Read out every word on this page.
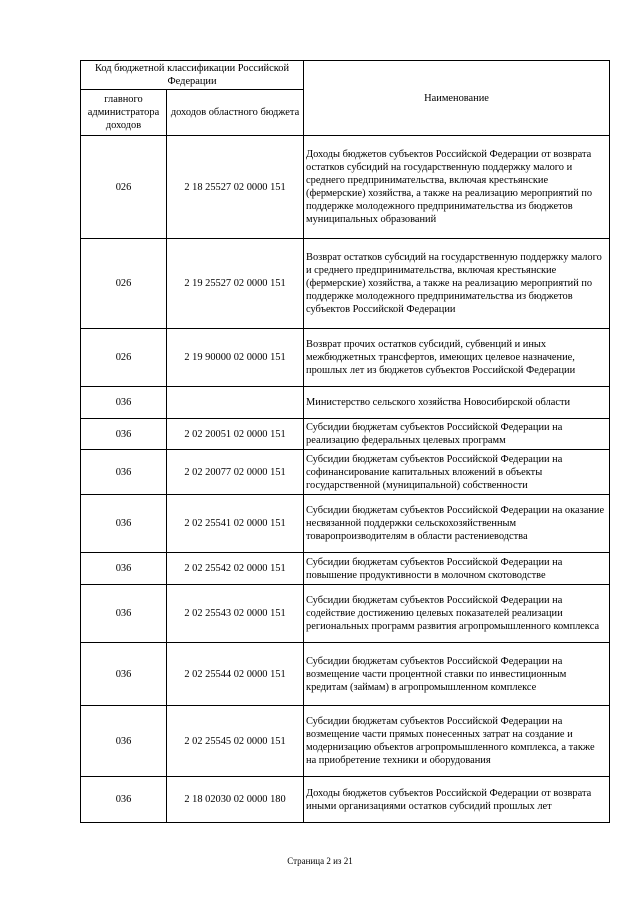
Код бюджетной классификации Российской Федерации		Наименование
главного администратора доходов	доходов областного бюджета	
026	2 18 25527 02 0000 151	Доходы бюджетов субъектов Российской Федерации от возврата остатков субсидий на государственную поддержку малого и среднего предпринимательства, включая крестьянские (фермерские) хозяйства, а также на реализацию мероприятий по поддержке молодежного предпринимательства из бюджетов муниципальных образований
026	2 19 25527 02 0000 151	Возврат остатков субсидий на государственную поддержку малого и среднего предпринимательства, включая крестьянские (фермерские) хозяйства, а также на реализацию мероприятий по поддержке молодежного предпринимательства из бюджетов субъектов Российской Федерации
026	2 19 90000 02 0000 151	Возврат прочих остатков субсидий, субвенций и иных межбюджетных трансфертов, имеющих целевое назначение, прошлых лет из бюджетов субъектов Российской Федерации
036		Министерство сельского хозяйства Новосибирской области
036	2 02 20051 02 0000 151	Субсидии бюджетам субъектов Российской Федерации на реализацию федеральных целевых программ
036	2 02 20077 02 0000 151	Субсидии бюджетам субъектов Российской Федерации на софинансирование капитальных вложений в объекты государственной (муниципальной) собственности
036	2 02 25541 02 0000 151	Субсидии бюджетам субъектов Российской Федерации на оказание несвязанной поддержки сельскохозяйственным товаропроизводителям в области растениеводства
036	2 02 25542 02 0000 151	Субсидии бюджетам субъектов Российской Федерации на повышение продуктивности в молочном скотоводстве
036	2 02 25543 02 0000 151	Субсидии бюджетам субъектов Российской Федерации на содействие достижению целевых показателей реализации региональных программ развития агропромышленного комплекса
036	2 02 25544 02 0000 151	Субсидии бюджетам субъектов Российской Федерации на возмещение части процентной ставки по инвестиционным кредитам (займам) в агропромышленном комплексе
036	2 02 25545 02 0000 151	Субсидии бюджетам субъектов Российской Федерации на возмещение части прямых понесенных затрат на создание и модернизацию объектов агропромышленного комплекса, а также на приобретение техники и оборудования
036	2 18 02030 02 0000 180	Доходы бюджетов субъектов Российской Федерации от возврата иными организациями остатков субсидий прошлых лет
Страница 2 из 21
